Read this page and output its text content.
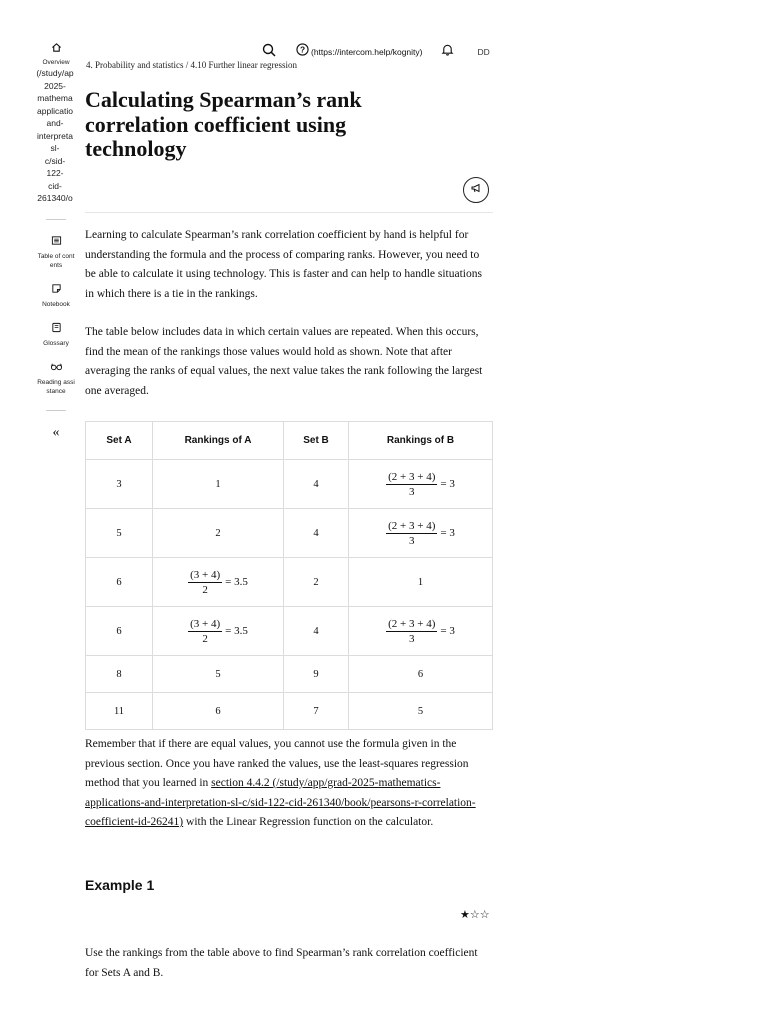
Overview
(/study/ap
2025-
mathema
applicatio
and-
interpreta
sl-
c/sid-
122-
cid-
261340/o
Table of contents
Notebook
Glossary
Reading assistance
«
? (https://intercom.help/kognity)	DD
4. Probability and statistics / 4.10 Further linear regression
Calculating Spearman’s rank correlation coefficient using technology

Learning to calculate Spearman’s rank correlation coefficient by hand is helpful for understanding the formula and the process of comparing ranks. However, you need to be able to calculate it using technology. This is faster and can help to handle situations in which there is a tie in the rankings.

The table below includes data in which certain values are repeated. When this occurs, find the mean of the rankings those values would hold as shown. Note that after averaging the ranks of equal values, the next value takes the rank following the largest one averaged.

Set A	Rankings of A	Set B	Rankings of B
3	1	4	$\frac{(2 + 3 + 4)}{3} = 3$
5	2	4	$\frac{(2 + 3 + 4)}{3} = 3$
6	$\frac{(3 + 4)}{2} = 3.5$	2	1
6	$\frac{(3 + 4)}{2} = 3.5$	4	$\frac{(2 + 3 + 4)}{3} = 3$
8	5	9	6
11	6	7	5

Remember that if there are equal values, you cannot use the formula given in the previous section. Once you have ranked the values, use the least-squares regression method that you learned in section 4.4.2 (/study/app/grad-2025-mathematics-applications-and-interpretation-sl-c/sid-122-cid-261340/book/pearsons-r-correlation-coefficient-id-26241) with the Linear Regression function on the calculator.

Example 1
★☆☆

Use the rankings from the table above to find Spearman’s rank correlation coefficient for Sets A and B.
